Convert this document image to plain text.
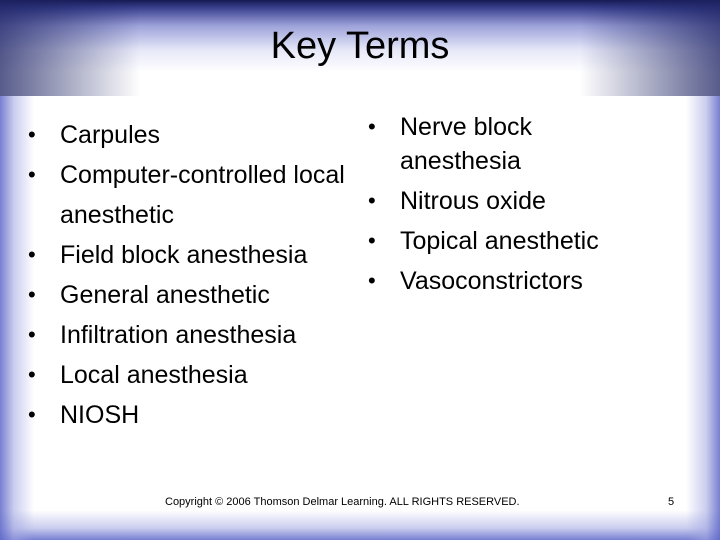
Key Terms
• Carpules
• Computer-controlled local anesthetic
• Field block anesthesia
• General anesthetic
• Infiltration anesthesia
• Local anesthesia
• NIOSH
• Nerve block anesthesia
• Nitrous oxide
• Topical anesthetic
• Vasoconstrictors
Copyright © 2006 Thomson Delmar Learning. ALL RIGHTS RESERVED.	5
